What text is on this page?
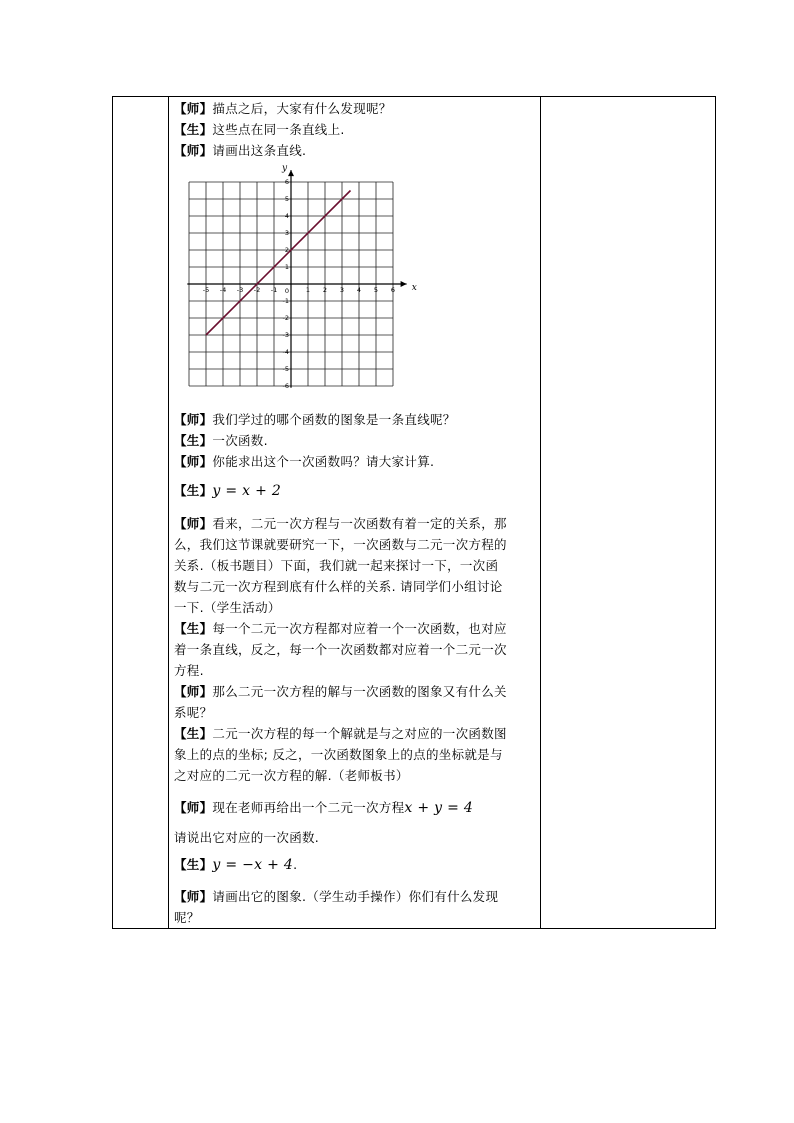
【师】描点之后，大家有什么发现呢？
【生】这些点在同一条直线上.
【师】请画出这条直线.
-5 -4 -3 -2 -1	1 2 3 4 5 6
6
5
4
3
2
1
-1
-2
-3
-4
-5
-6
0	x
y
【师】我们学过的哪个函数的图象是一条直线呢？
【生】一次函数.
【师】你能求出这个一次函数吗？请大家计算.
【生】y = x + 2
【师】看来，二元一次方程与一次函数有着一定的关系，那
么，我们这节课就要研究一下，一次函数与二元一次方程的
关系.（板书题目）下面，我们就一起来探讨一下，一次函
数与二元一次方程到底有什么样的关系. 请同学们小组讨论
一下.（学生活动）
【生】每一个二元一次方程都对应着一个一次函数，也对应
着一条直线，反之，每一个一次函数都对应着一个二元一次
方程.
【师】那么二元一次方程的解与一次函数的图象又有什么关
系呢？
【生】二元一次方程的每一个解就是与之对应的一次函数图
象上的点的坐标; 反之，一次函数图象上的点的坐标就是与
之对应的二元一次方程的解.（老师板书）
【师】现在老师再给出一个二元一次方程x + y = 4
请说出它对应的一次函数.
【生】y = −x + 4.
【师】请画出它的图象.（学生动手操作）你们有什么发现
呢？
